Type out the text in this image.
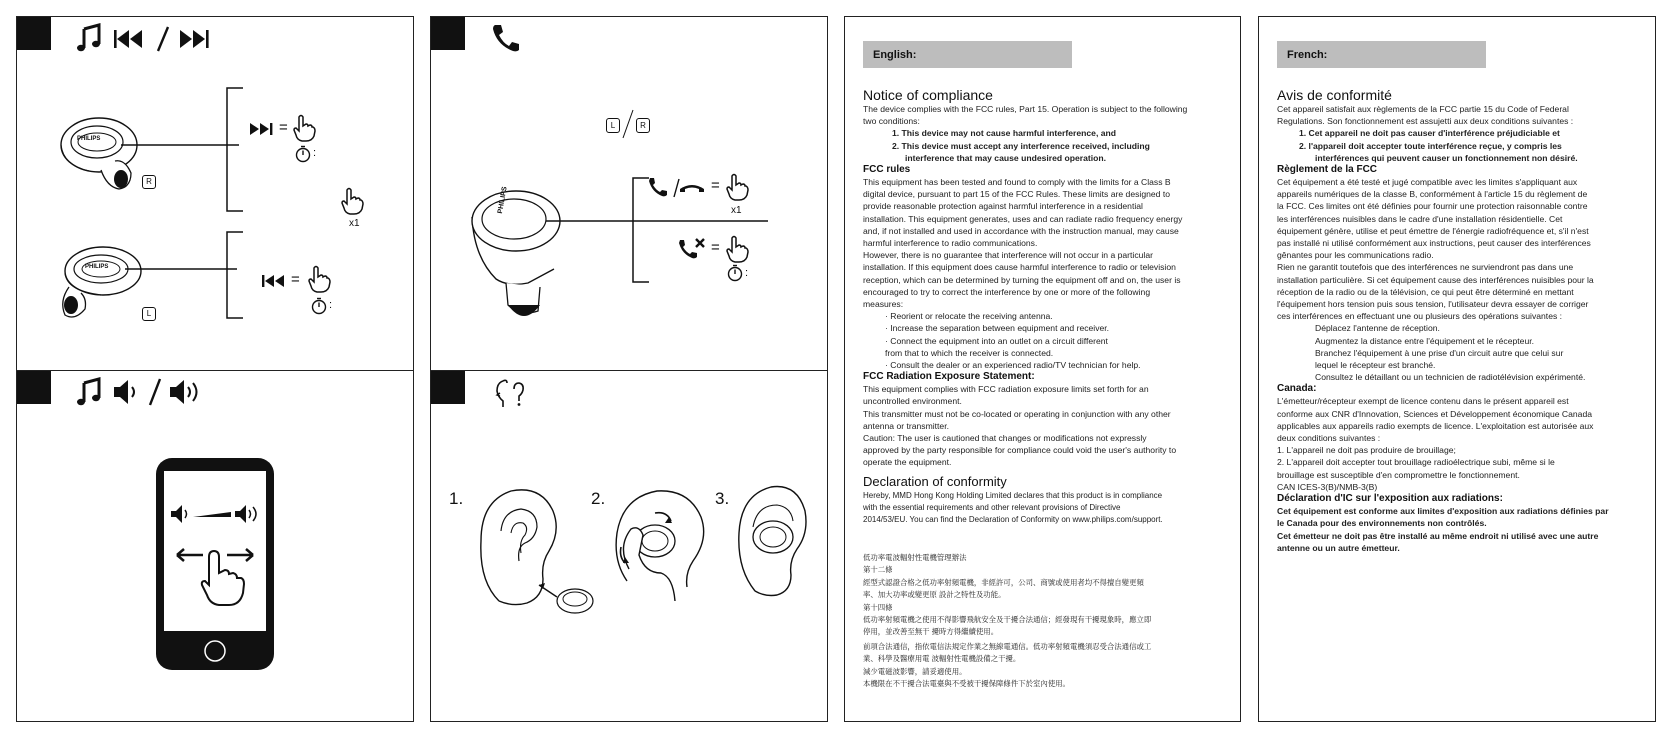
PHILIPS
R
=
:
x1
PHILIPS
L
=
:
L	R
PHILIPS
=
x1
=
:
1.	2.	3.
English:
Notice of compliance

The device complies with the FCC rules, Part 15. Operation is subject to the following

two conditions:

1. This device may not cause harmful interference, and

2. This device must accept any interference received, including

interference that may cause undesired operation.

FCC rules

This equipment has been tested and found to comply with the limits for a Class B

digital device, pursuant to part 15 of the FCC Rules. These limits are designed to

provide reasonable protection against harmful interference in a residential

installation. This equipment generates, uses and can radiate radio frequency energy

and, if not installed and used in accordance with the instruction manual, may cause

harmful interference to radio communications.

However, there is no guarantee that interference will not occur in a particular

installation. If this equipment does cause harmful interference to radio or television

reception, which can be determined by turning the equipment off and on, the user is

encouraged to try to correct the interference by one or more of the following

measures:

· Reorient or relocate the receiving antenna.

· Increase the separation between equipment and receiver.

· Connect the equipment into an outlet on a circuit different

from that to which the receiver is connected.

· Consult the dealer or an experienced radio/TV technician for help.

FCC Radiation Exposure Statement:

This equipment complies with FCC radiation exposure limits set forth for an

uncontrolled environment.

This transmitter must not be co-located or operating in conjunction with any other

antenna or transmitter.

Caution: The user is cautioned that changes or modifications not expressly

approved by the party responsible for compliance could void the user's authority to

operate the equipment.

Declaration of conformity

Hereby, MMD Hong Kong Holding Limited declares that this product is in compliance

with the essential requirements and other relevant provisions of Directive

2014/53/EU. You can find the Declaration of Conformity on www.philips.com/support.

低功率電波輻射性電機管理辦法

第十二條

經型式認證合格之低功率射頻電機，非經許可，公司、商號或使用者均不得擅自變更頻

率、加大功率或變更原 設計之特性及功能。

第十四條

低功率射頻電機之使用不得影響飛航安全及干擾合法通信；經發現有干擾現象時，應立即

停用，並改善至無干 擾時方得繼續使用。

前項合法通信，指依電信法規定作業之無線電通信。低功率射頻電機須忍受合法通信或工

業、科學及醫療用電 波輻射性電機設備之干擾。

減少電磁波影響，請妥適使用。

本機限在不干擾合法電臺與不受被干擾保障條件下於室內使用。

French:
Avis de conformité

Cet appareil satisfait aux règlements de la FCC partie 15 du Code of Federal

Regulations. Son fonctionnement est assujetti aux deux conditions suivantes :

1. Cet appareil ne doit pas causer d'interférence préjudiciable et

2. l'appareil doit accepter toute interférence reçue, y compris les

interférences qui peuvent causer un fonctionnement non désiré.

Règlement de la FCC

Cet équipement a été testé et jugé compatible avec les limites s'appliquant aux

appareils numériques de la classe B, conformément à l'article 15 du règlement de

la FCC. Ces limites ont été définies pour fournir une protection raisonnable contre

les interférences nuisibles dans le cadre d'une installation résidentielle. Cet

équipement génère, utilise et peut émettre de l'énergie radiofréquence et, s'il n'est

pas installé ni utilisé conformément aux instructions, peut causer des interférences

gênantes pour les communications radio.

Rien ne garantit toutefois que des interférences ne surviendront pas dans une

installation particulière. Si cet équipement cause des interférences nuisibles pour la

réception de la radio ou de la télévision, ce qui peut être déterminé en mettant

l'équipement hors tension puis sous tension, l'utilisateur devra essayer de corriger

ces interférences en effectuant une ou plusieurs des opérations suivantes :

Déplacez l'antenne de réception.

Augmentez la distance entre l'équipement et le récepteur.

Branchez l'équipement à une prise d'un circuit autre que celui sur

lequel le récepteur est branché.

Consultez le détaillant ou un technicien de radiotélévision expérimenté.

Canada:

L'émetteur/récepteur exempt de licence contenu dans le présent appareil est

conforme aux CNR d'Innovation, Sciences et Développement économique Canada

applicables aux appareils radio exempts de licence. L'exploitation est autorisée aux

deux conditions suivantes :

1. L'appareil ne doit pas produire de brouillage;

2. L'appareil doit accepter tout brouillage radioélectrique subi, même si le

brouillage est susceptible d'en compromettre le fonctionnement.

CAN ICES-3(B)/NMB-3(B)

Déclaration d'IC sur l'exposition aux radiations:

Cet équipement est conforme aux limites d'exposition aux radiations définies par

le Canada pour des environnements non contrôlés.

Cet émetteur ne doit pas être installé au même endroit ni utilisé avec une autre

antenne ou un autre émetteur.
